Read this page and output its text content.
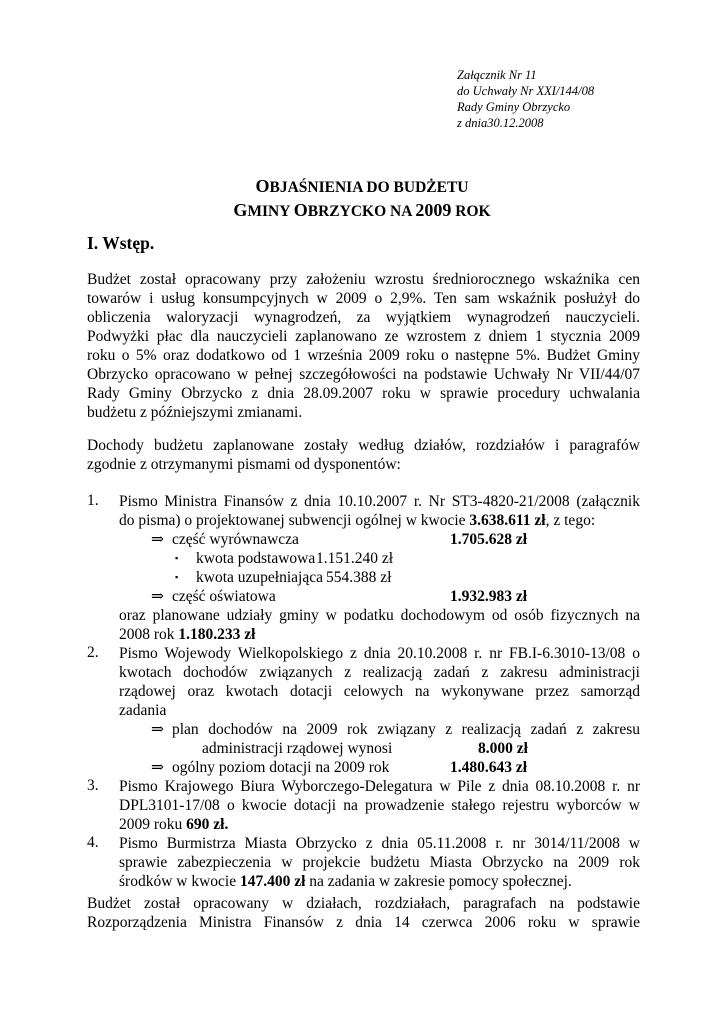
Załącznik Nr 11
do Uchwały Nr XXI/144/08
Rady Gminy Obrzycko
z dnia30.12.2008
OBJAŚNIENIA DO BUDŻETU
GMINY OBRZYCKO NA 2009 ROK
I. Wstęp.
Budżet został opracowany przy założeniu wzrostu średniorocznego wskaźnika cen
towarów i usług konsumpcyjnych w 2009 o 2,9%. Ten sam wskaźnik posłużył do
obliczenia waloryzacji wynagrodzeń, za wyjątkiem wynagrodzeń nauczycieli.
Podwyżki płac dla nauczycieli zaplanowano ze wzrostem z dniem 1 stycznia 2009
roku o 5% oraz dodatkowo od 1 września 2009 roku o następne 5%. Budżet Gminy
Obrzycko opracowano w pełnej szczegółowości na podstawie Uchwały Nr VII/44/07
Rady Gminy Obrzycko z dnia 28.09.2007 roku w sprawie procedury uchwalania
budżetu z późniejszymi zmianami.
Dochody budżetu zaplanowane zostały według działów, rozdziałów i paragrafów
zgodnie z otrzymanymi pismami od dysponentów:
1. Pismo Ministra Finansów z dnia 10.10.2007 r. Nr ST3-4820-21/2008 (załącznik
do pisma) o projektowanej subwencji ogólnej w kwocie 3.638.611 zł, z tego:
⇒ część wyrównawcza	1.705.628 zł
▪ kwota podstawowa 1.151.240 zł
▪ kwota uzupełniająca 554.388 zł
⇒ część oświatowa	1.932.983 zł
oraz planowane udziały gminy w podatku dochodowym od osób fizycznych na
2008 rok 1.180.233 zł
2. Pismo Wojewody Wielkopolskiego z dnia 20.10.2008 r. nr FB.I-6.3010-13/08 o
kwotach dochodów związanych z realizacją zadań z zakresu administracji
rządowej oraz kwotach dotacji celowych na wykonywane przez samorząd
zadania
⇒ plan dochodów na 2009 rok związany z realizacją zadań z zakresu
administracji rządowej wynosi	8.000 zł
⇒ ogólny poziom dotacji na 2009 rok	1.480.643 zł
3. Pismo Krajowego Biura Wyborczego-Delegatura w Pile z dnia 08.10.2008 r. nr
DPL3101-17/08 o kwocie dotacji na prowadzenie stałego rejestru wyborców w
2009 roku 690 zł.
4. Pismo Burmistrza Miasta Obrzycko z dnia 05.11.2008 r. nr 3014/11/2008 w
sprawie zabezpieczenia w projekcie budżetu Miasta Obrzycko na 2009 rok
środków w kwocie 147.400 zł na zadania w zakresie pomocy społecznej.
Budżet został opracowany w działach, rozdziałach, paragrafach na podstawie
Rozporządzenia Ministra Finansów z dnia 14 czerwca 2006 roku w sprawie
